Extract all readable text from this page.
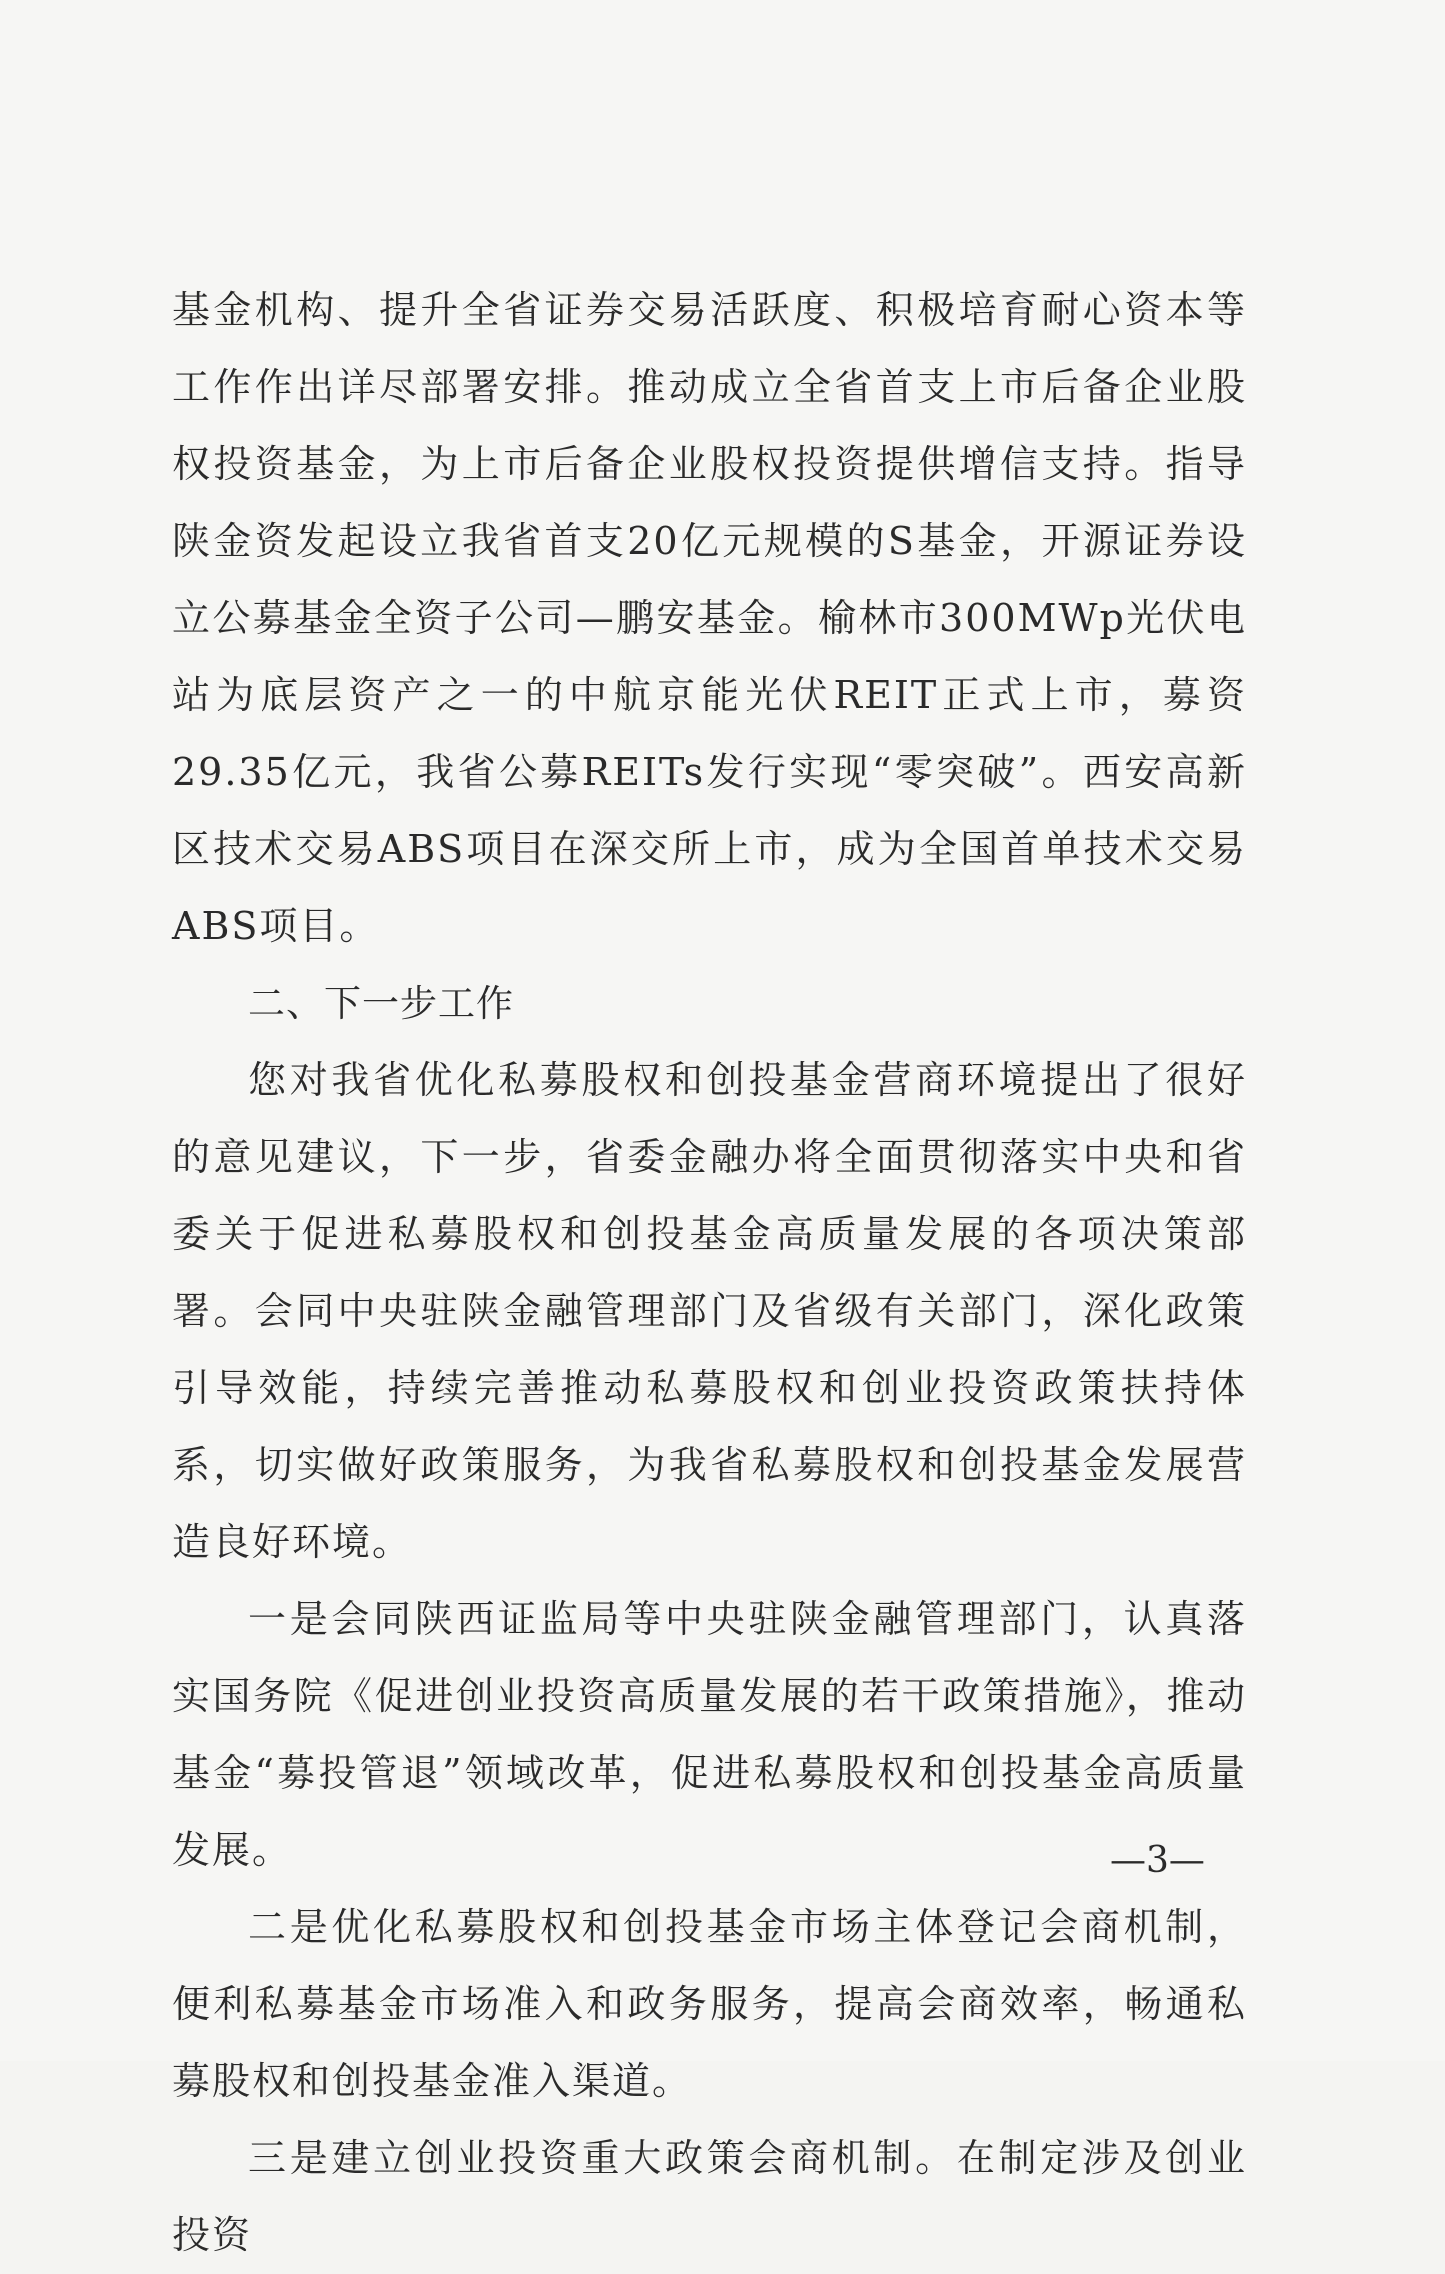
基金机构、提升全省证券交易活跃度、积极培育耐心资本等工作作出详尽部署安排。推动成立全省首支上市后备企业股权投资基金，为上市后备企业股权投资提供增信支持。指导陕金资发起设立我省首支20亿元规模的S基金，开源证券设立公募基金全资子公司—鹏安基金。榆林市300MWp光伏电站为底层资产之一的中航京能光伏REIT正式上市，募资29.35亿元，我省公募REITs发行实现“零突破”。西安高新区技术交易ABS项目在深交所上市，成为全国首单技术交易ABS项目。

二、下一步工作

您对我省优化私募股权和创投基金营商环境提出了很好的意见建议，下一步，省委金融办将全面贯彻落实中央和省委关于促进私募股权和创投基金高质量发展的各项决策部署。会同中央驻陕金融管理部门及省级有关部门，深化政策引导效能，持续完善推动私募股权和创业投资政策扶持体系，切实做好政策服务，为我省私募股权和创投基金发展营造良好环境。

一是会同陕西证监局等中央驻陕金融管理部门，认真落实国务院《促进创业投资高质量发展的若干政策措施》，推动基金“募投管退”领域改革，促进私募股权和创投基金高质量发展。

二是优化私募股权和创投基金市场主体登记会商机制，便利私募基金市场准入和政务服务，提高会商效率，畅通私募股权和创投基金准入渠道。

三是建立创业投资重大政策会商机制。在制定涉及创业投资

—3—
